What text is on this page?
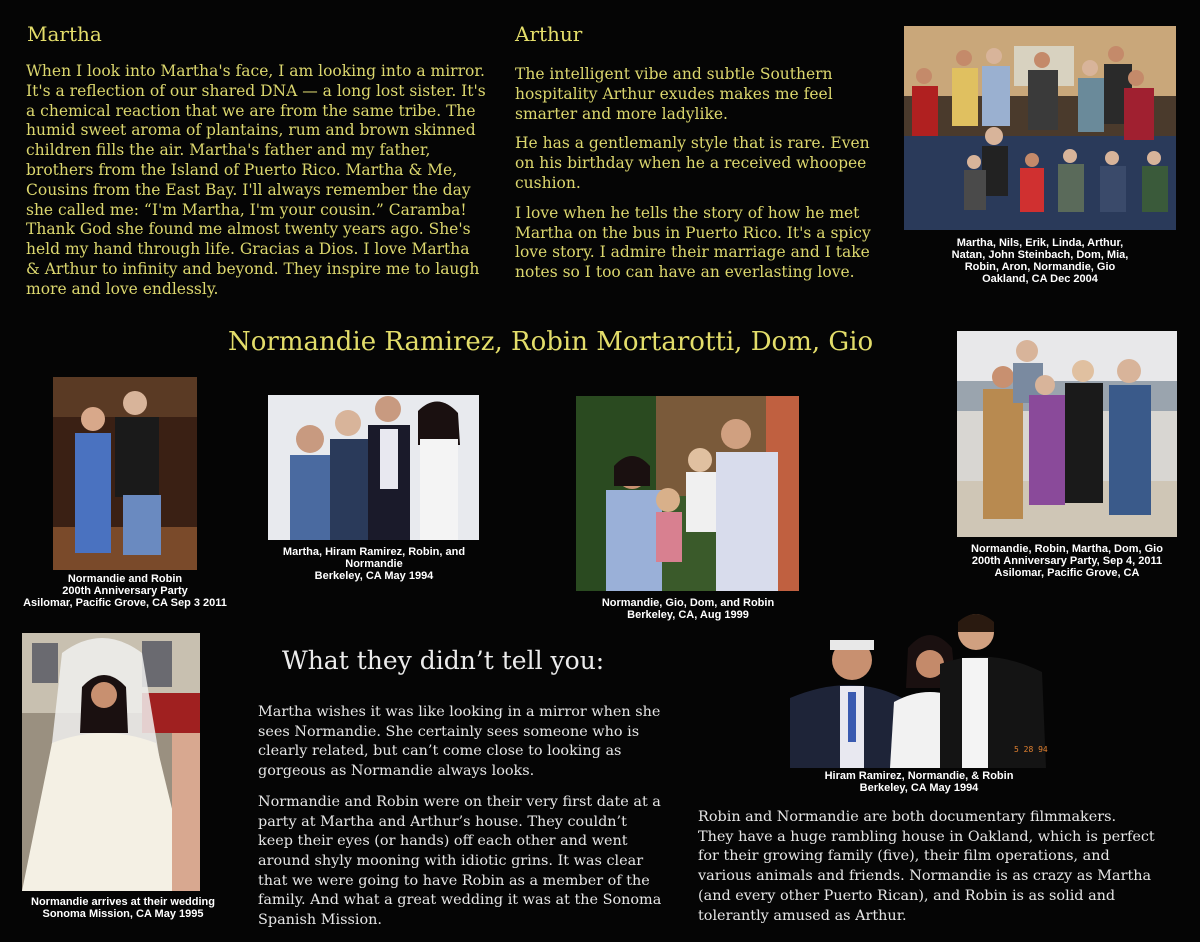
Martha
When I look into Martha's face, I am looking into a mirror. It's a reflection of our shared DNA — a long lost sister. It's a chemical reaction that we are from the same tribe. The humid sweet aroma of plantains, rum and brown skinned children fills the air. Martha's father and my father, brothers from the Island of Puerto Rico. Martha & Me, Cousins from the East Bay. I'll always remember the day she called me: “I'm Martha, I'm your cousin.” Caramba! Thank God she found me almost twenty years ago. She's held my hand through life. Gracias a Dios. I love Martha & Arthur to infinity and beyond. They inspire me to laugh more and love endlessly.
Arthur

The intelligent vibe and subtle Southern hospitality Arthur exudes makes me feel smarter and more ladylike.

He has a gentlemanly style that is rare. Even on his birthday when he a received whoopee cushion.

I love when he tells the story of how he met Martha on the bus in Puerto Rico. It's a spicy love story. I admire their marriage and I take notes so I too can have an everlasting love.

Martha, Nils, Erik, Linda, Arthur,
Natan, John Steinbach, Dom, Mia,
Robin, Aron, Normandie, Gio
Oakland, CA Dec 2004
Normandie Ramirez, Robin Mortarotti, Dom, Gio
Normandie and Robin
200th Anniversary Party
Asilomar, Pacific Grove, CA Sep 3 2011
Martha, Hiram Ramirez, Robin, and
Normandie
Berkeley, CA May 1994
Normandie, Gio, Dom, and Robin
Berkeley, CA, Aug 1999
Normandie, Robin, Martha, Dom, Gio
200th Anniversary Party, Sep 4, 2011
Asilomar, Pacific Grove, CA
Normandie arrives at their wedding
Sonoma Mission, CA May 1995
What they didn’t tell you:

Martha wishes it was like looking in a mirror when she sees Normandie. She certainly sees someone who is clearly related, but can’t come close to looking as gorgeous as Normandie always looks.

Normandie and Robin were on their very first date at a party at Martha and Arthur’s house. They couldn’t keep their eyes (or hands) off each other and went around shyly mooning with idiotic grins. It was clear that we were going to have Robin as a member of the family. And what a great wedding it was at the Sonoma Spanish Mission.

5 28 94
Hiram Ramirez, Normandie, & Robin
Berkeley, CA May 1994
Robin and Normandie are both documentary filmmakers. They have a huge rambling house in Oakland, which is perfect for their growing family (five), their film operations, and various animals and friends. Normandie is as crazy as Martha (and every other Puerto Rican), and Robin is as solid and tolerantly amused as Arthur.
